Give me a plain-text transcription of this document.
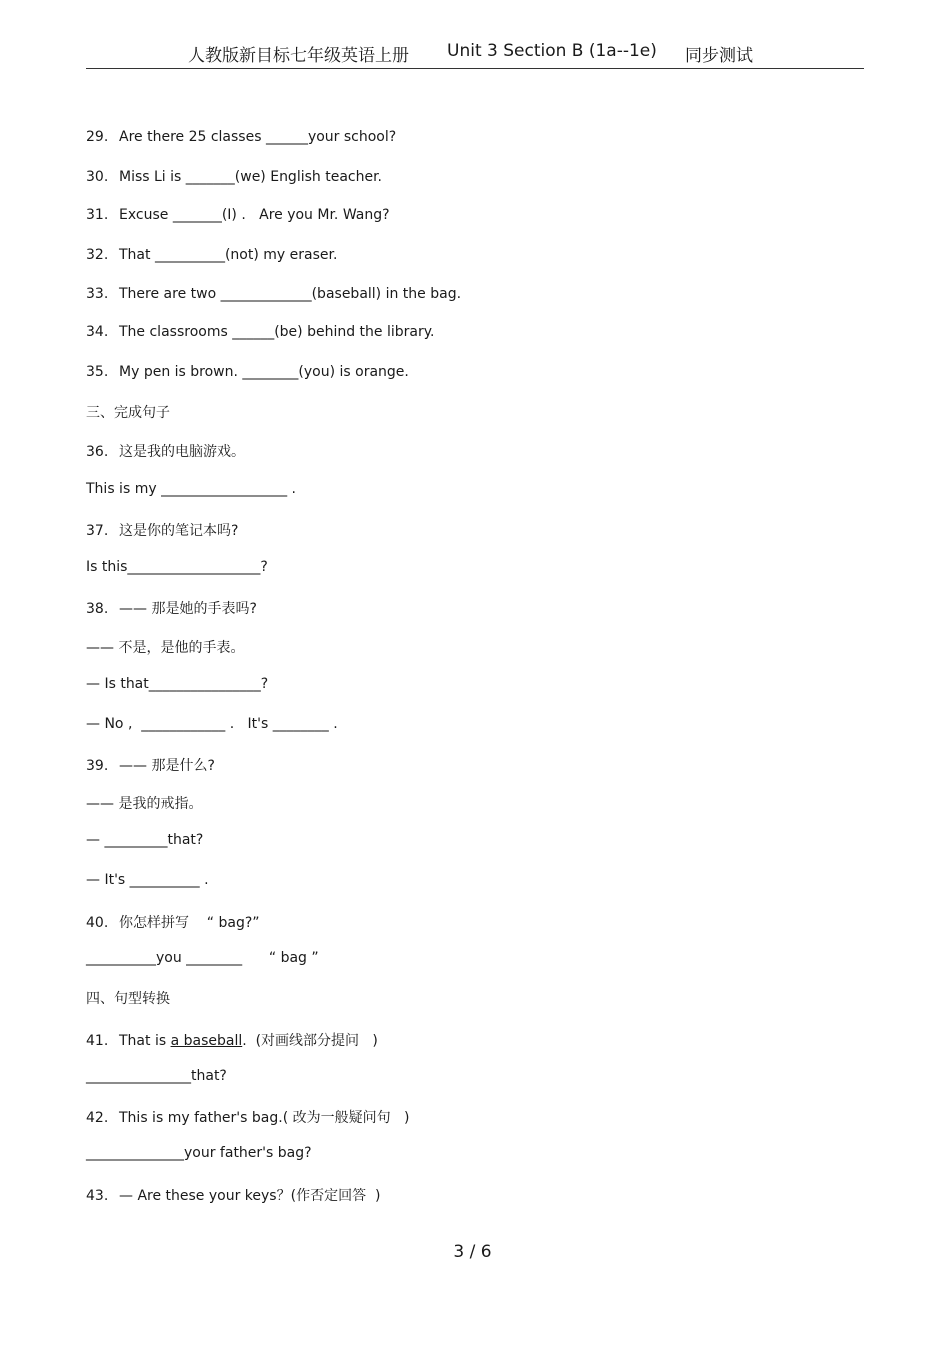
人教版新目标七年级英语上册 Unit 3 Section B (1a--1e) 同步测试
29. Are there 25 classes ______your school?
30. Miss Li is _______(we) English teacher.
31. Excuse _______(I) .   Are you Mr. Wang?
32. That __________(not) my eraser.
33. There are two _____________(baseball) in the bag.
34. The classrooms ______(be) behind the library.
35. My pen is brown. ________(you) is orange.
三、完成句子
36. 这是我的电脑游戏。
This is my __________________ .
37. 这是你的笔记本吗?
Is this___________________?
38. —— 那是她的手表吗?
—— 不是，是他的手表。
— Is that________________?
— No ,  ____________ .   It's ________ .
39. —— 那是什么?
—— 是我的戒指。
— _________that?
— It's __________ .
40. 你怎样拼写    “ bag?”
__________you ________      “ bag ”
四、句型转换
41. That is a baseball.  (对画线部分提问   )
_______________that?
42. This is my father's bag.( 改为一般疑问句   )
______________your father's bag?
43. — Are these your keys？(作否定回答  )
3 / 6
